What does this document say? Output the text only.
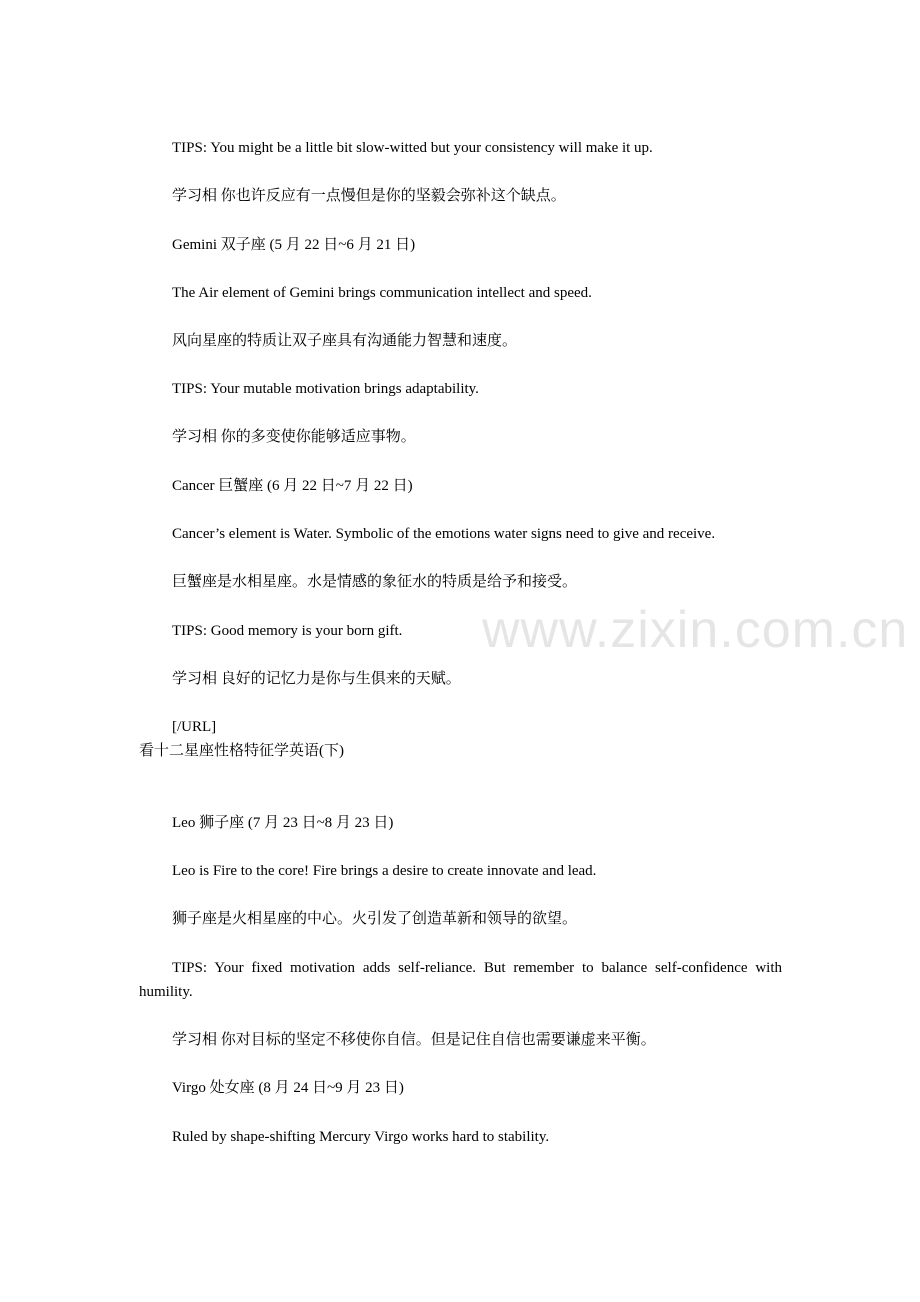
TIPS: You might be a little bit slow-witted but your consistency will make it up.
学习相 你也许反应有一点慢但是你的坚毅会弥补这个缺点。
Gemini 双子座 (5 月 22 日~6 月 21 日)
The Air element of Gemini brings communication intellect and speed.
风向星座的特质让双子座具有沟通能力智慧和速度。
TIPS: Your mutable motivation brings adaptability.
学习相 你的多变使你能够适应事物。
Cancer 巨蟹座 (6 月 22 日~7 月 22 日)
Cancer’s element is Water. Symbolic of the emotions water signs need to give and receive.
巨蟹座是水相星座。水是情感的象征水的特质是给予和接受。
TIPS: Good memory is your born gift.
学习相 良好的记忆力是你与生俱来的天赋。
[/URL]
看十二星座性格特征学英语(下)
Leo 狮子座 (7 月 23 日~8 月 23 日)
Leo is Fire to the core! Fire brings a desire to create innovate and lead.
狮子座是火相星座的中心。火引发了创造革新和领导的欲望。
TIPS: Your fixed motivation adds self-reliance. But remember to balance self-confidence with humility.
学习相 你对目标的坚定不移使你自信。但是记住自信也需要谦虚来平衡。
Virgo 处女座 (8 月 24 日~9 月 23 日)
Ruled by shape-shifting Mercury Virgo works hard to stability.
www.zixin.com.cn
